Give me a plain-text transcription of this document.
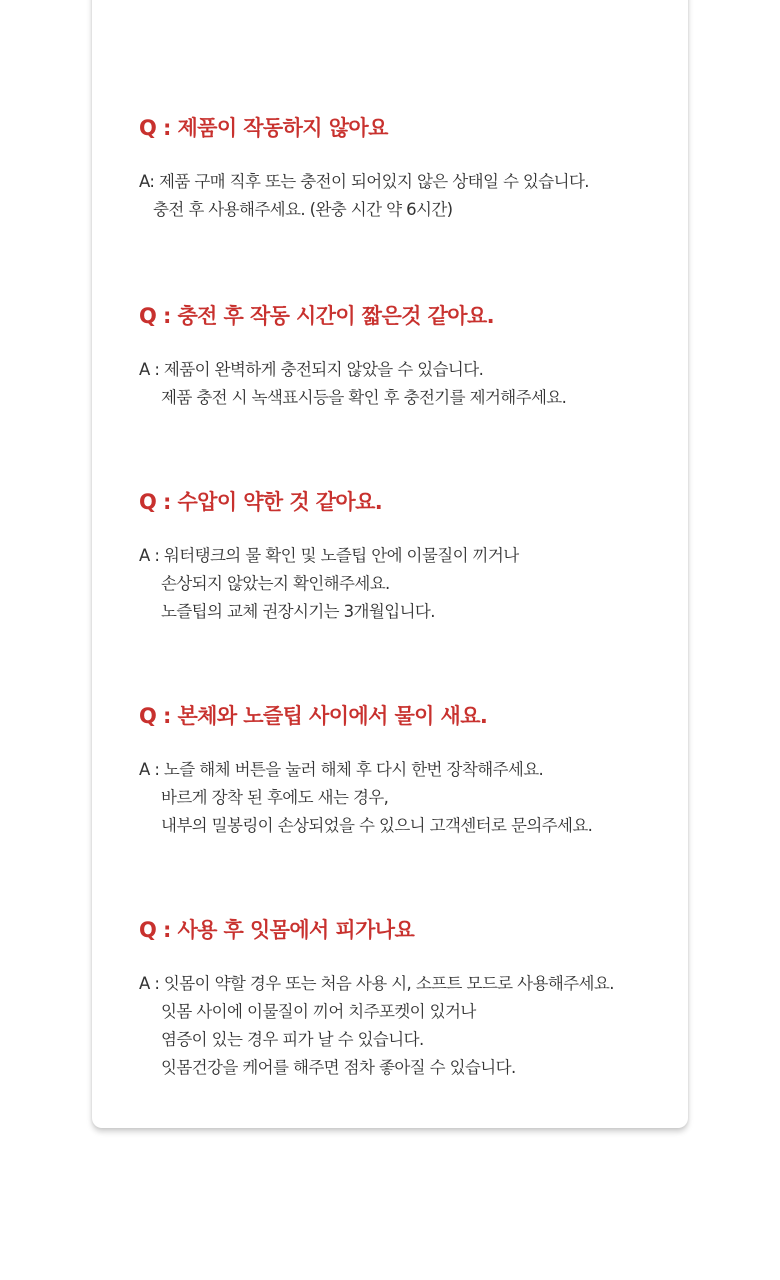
Q : 제품이 작동하지 않아요
A: 제품 구매 직후 또는 충전이 되어있지 않은 상태일 수 있습니다.
충전 후 사용해주세요. (완충 시간 약 6시간)
Q : 충전 후 작동 시간이 짧은것 같아요.
A : 제품이 완벽하게 충전되지 않았을 수 있습니다.
제품 충전 시 녹색표시등을 확인 후 충전기를 제거해주세요.
Q : 수압이 약한 것 같아요.
A : 워터탱크의 물 확인 및 노즐팁 안에 이물질이 끼거나
손상되지 않았는지 확인해주세요.
노즐팁의 교체 권장시기는 3개월입니다.
Q : 본체와 노즐팁 사이에서 물이 새요.
A : 노즐 해체 버튼을 눌러 해체 후 다시 한번 장착해주세요.
바르게 장착 된 후에도 새는 경우,
내부의 밀봉링이 손상되었을 수 있으니 고객센터로 문의주세요.
Q : 사용 후 잇몸에서 피가나요
A : 잇몸이 약할 경우 또는 처음 사용 시, 소프트 모드로 사용해주세요.
잇몸 사이에 이물질이 끼어 치주포켓이 있거나
염증이 있는 경우 피가 날 수 있습니다.
잇몸건강을 케어를 해주면 점차 좋아질 수 있습니다.
